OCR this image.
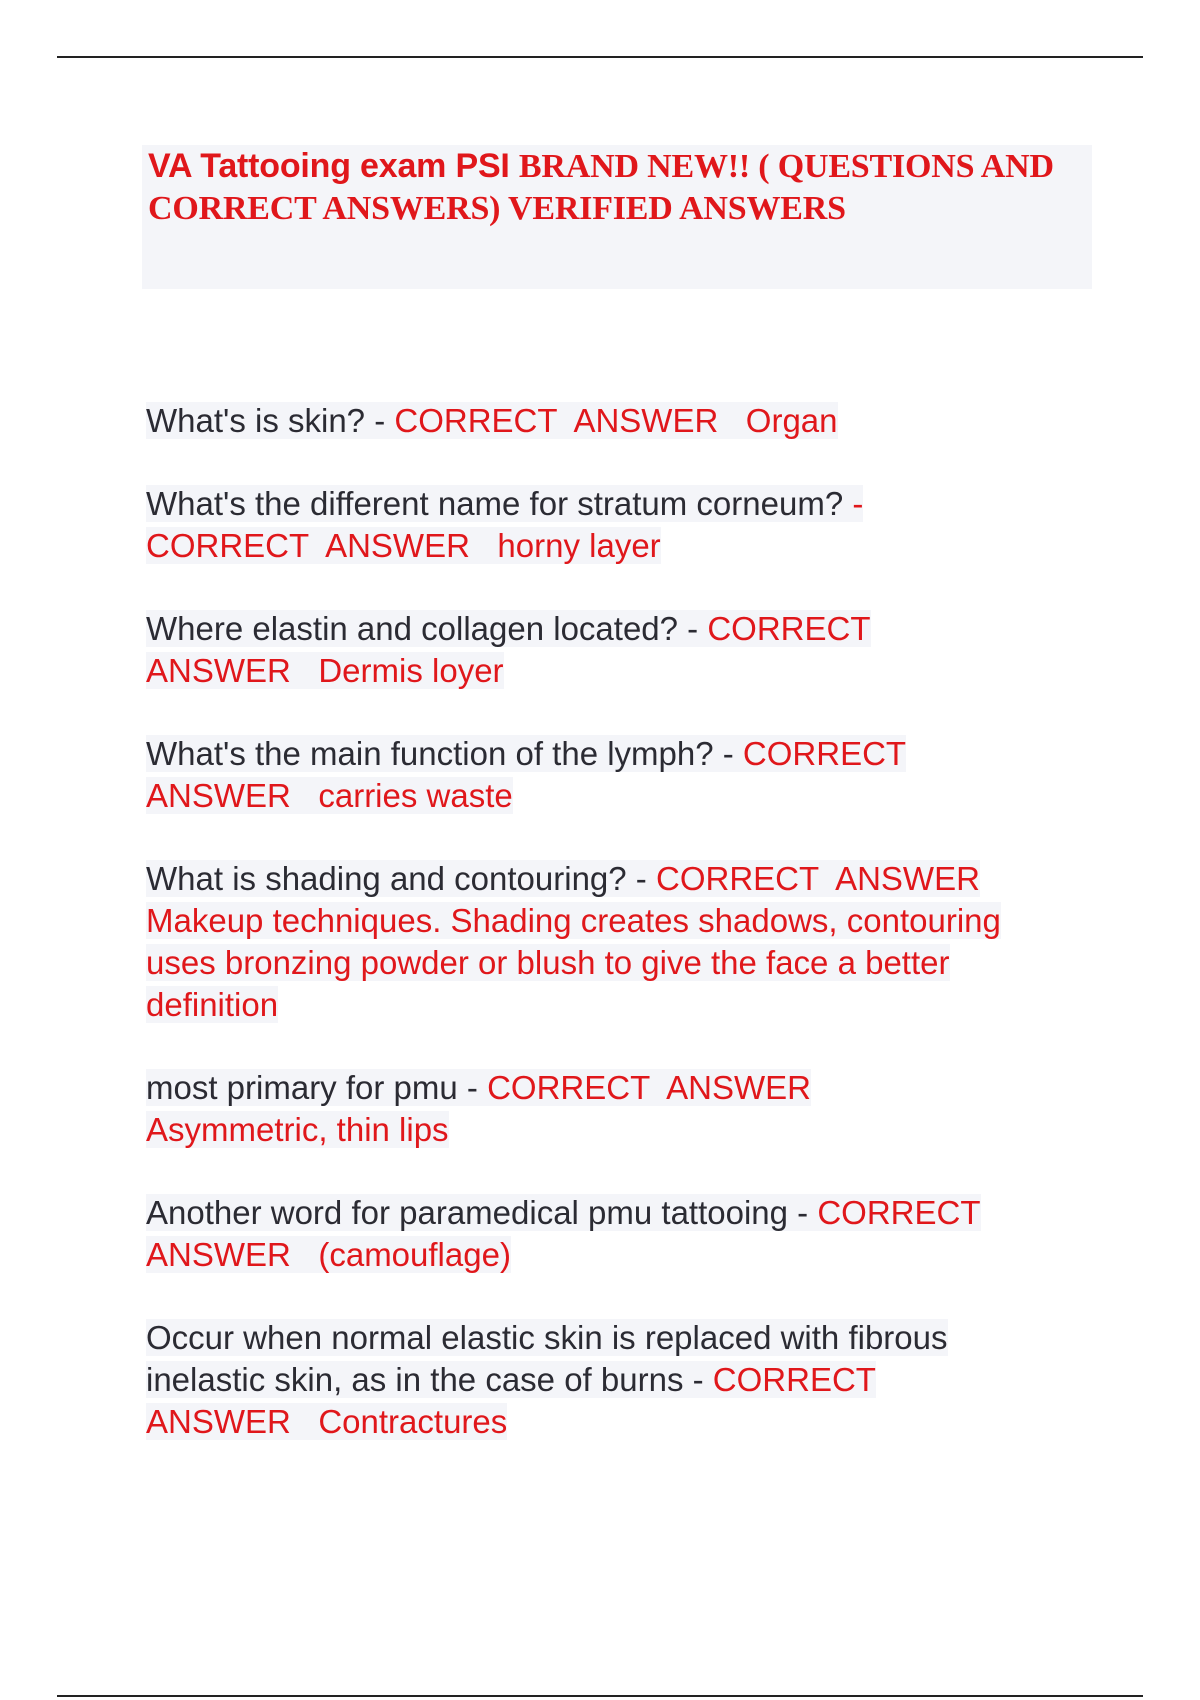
VA Tattooing exam PSI BRAND NEW!! ( QUESTIONS AND
CORRECT ANSWERS) VERIFIED ANSWERS

What's is skin? - CORRECT  ANSWER   Organ

What's the different name for stratum corneum? -
CORRECT  ANSWER   horny layer

Where elastin and collagen located? - CORRECT
ANSWER   Dermis loyer

What's the main function of the lymph? - CORRECT
ANSWER   carries waste

What is shading and contouring? - CORRECT  ANSWER
Makeup techniques. Shading creates shadows, contouring
uses bronzing powder or blush to give the face a better
definition

most primary for pmu - CORRECT  ANSWER
Asymmetric, thin lips

Another word for paramedical pmu tattooing - CORRECT
ANSWER   (camouflage)

Occur when normal elastic skin is replaced with fibrous
inelastic skin, as in the case of burns - CORRECT
ANSWER   Contractures
